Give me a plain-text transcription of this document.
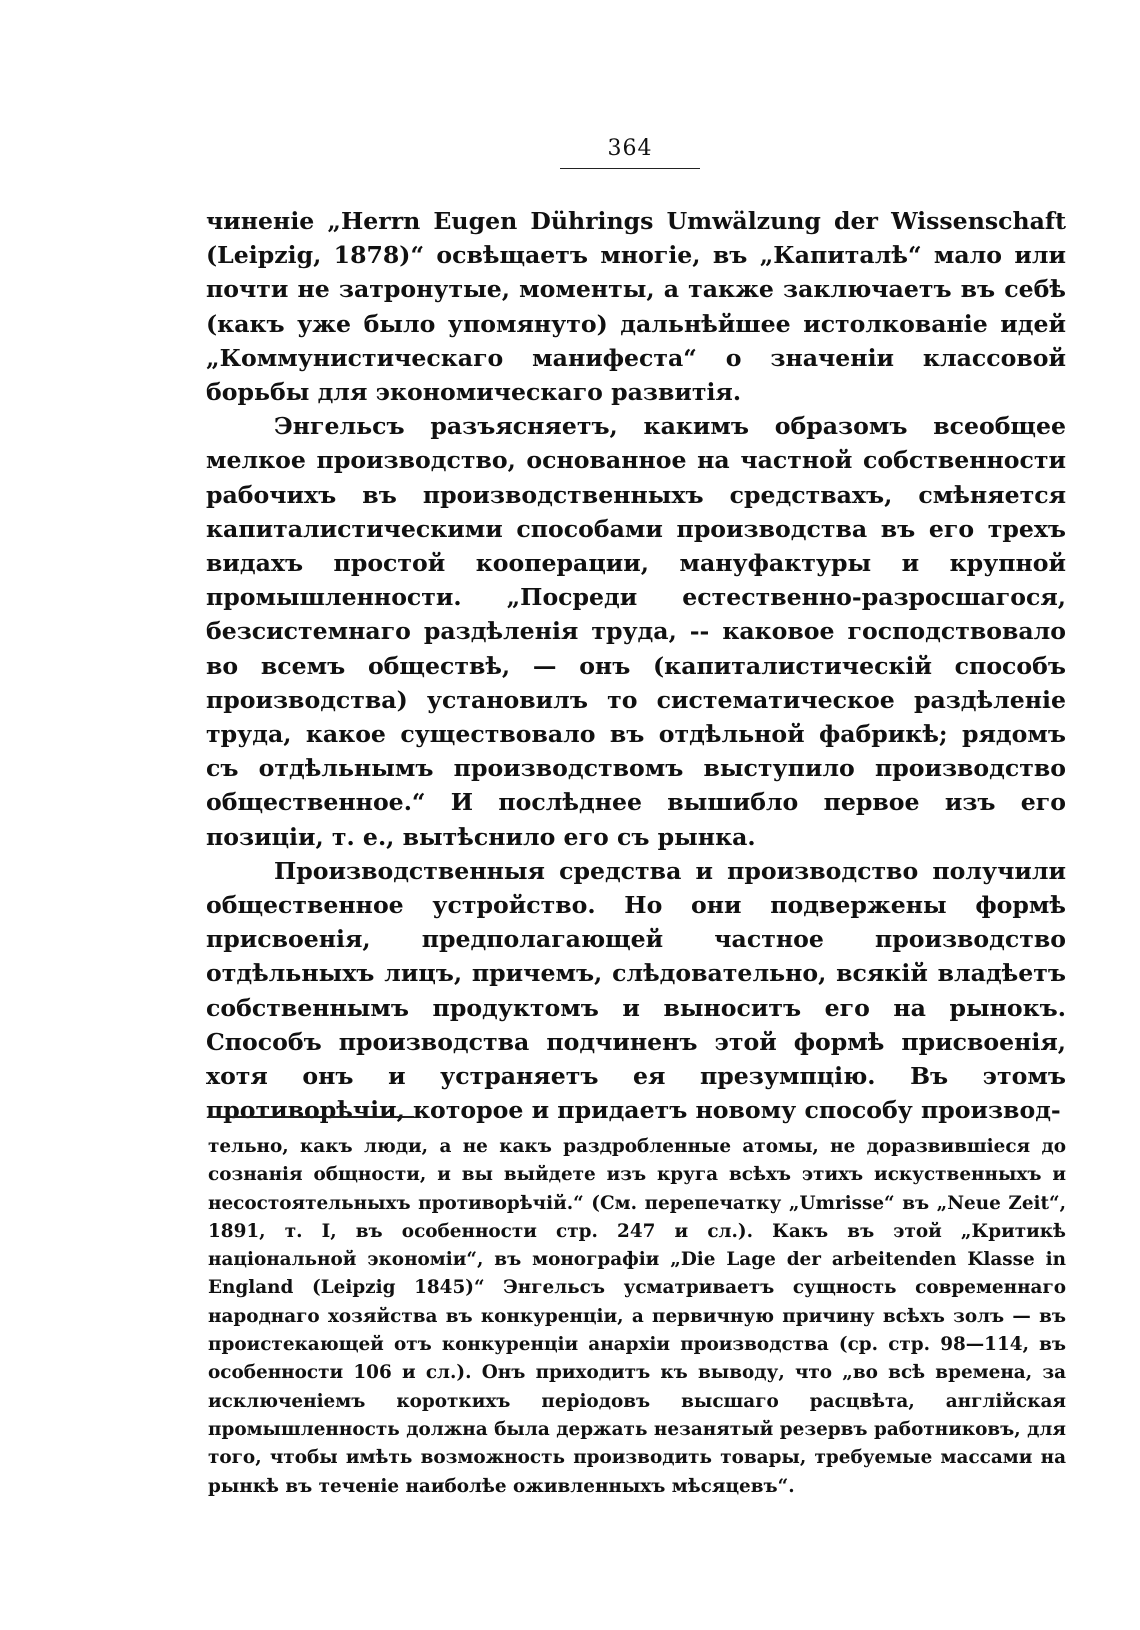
364

чиненіе „Herrn Eugen Dührings Umwälzung der Wissenschaft (Leipzig, 1878)“ освѣщаетъ многіе, въ „Капиталѣ“ мало или почти не затронутые, моменты, а также заключаетъ въ себѣ (какъ уже было упомянуто) дальнѣйшее истолкованіе идей „Коммунистическаго манифеста“ о значеніи классовой борьбы для экономическаго развитія.

Энгельсъ разъясняетъ, какимъ образомъ всеобщее мелкое производство, основанное на частной собственности рабочихъ въ производственныхъ средствахъ, смѣняется капиталистическими способами производства въ его трехъ видахъ простой кооперации, мануфактуры и крупной промышленности. „Посреди естественно-разросшагося, безсистемнаго раздѣленія труда, -- каковое господствовало во всемъ обществѣ, — онъ (капиталистическій способъ производства) установилъ то систематическое раздѣленіе труда, какое существовало въ отдѣльной фабрикѣ; рядомъ съ отдѣльнымъ производствомъ выступило производство общественное.“ И послѣднее вышибло первое изъ его позиціи, т. е., вытѣснило его съ рынка.

Производственныя средства и производство получили общественное устройство. Но они подвержены формѣ присвоенія, предполагающей частное производство отдѣльныхъ лицъ, причемъ, слѣдовательно, всякій владѣетъ собственнымъ продуктомъ и выноситъ его на рынокъ. Способъ производства подчиненъ этой формѣ присвоенія, хотя онъ и устраняетъ ея презумпцію. Въ этомъ противорѣчіи, которое и придаетъ новому способу производ-

тельно, какъ люди, а не какъ раздробленные атомы, не доразвившіеся до сознанія общности, и вы выйдете изъ круга всѣхъ этихъ искуственныхъ и несостоятельныхъ противорѣчій.“ (См. перепечатку „Umrisse“ въ „Neue Zeit“, 1891, т. I, въ особенности стр. 247 и сл.). Какъ въ этой „Критикѣ національной экономіи“, въ монографіи „Die Lage der arbeitenden Klasse in England (Leipzig 1845)“ Энгельсъ усматриваетъ сущность современнаго народнаго хозяйства въ конкуренціи, а первичную причину всѣхъ золъ — въ проистекающей отъ конкуренціи анархіи производства (ср. стр. 98—114, въ особенности 106 и сл.). Онъ приходитъ къ выводу, что „во всѣ времена, за исключеніемъ короткихъ періодовъ высшаго расцвѣта, англійская промышленность должна была держать незанятый резервъ работниковъ, для того, чтобы имѣть возможность производить товары, требуемые массами на рынкѣ въ теченіе наиболѣе оживленныхъ мѣсяцевъ“.
